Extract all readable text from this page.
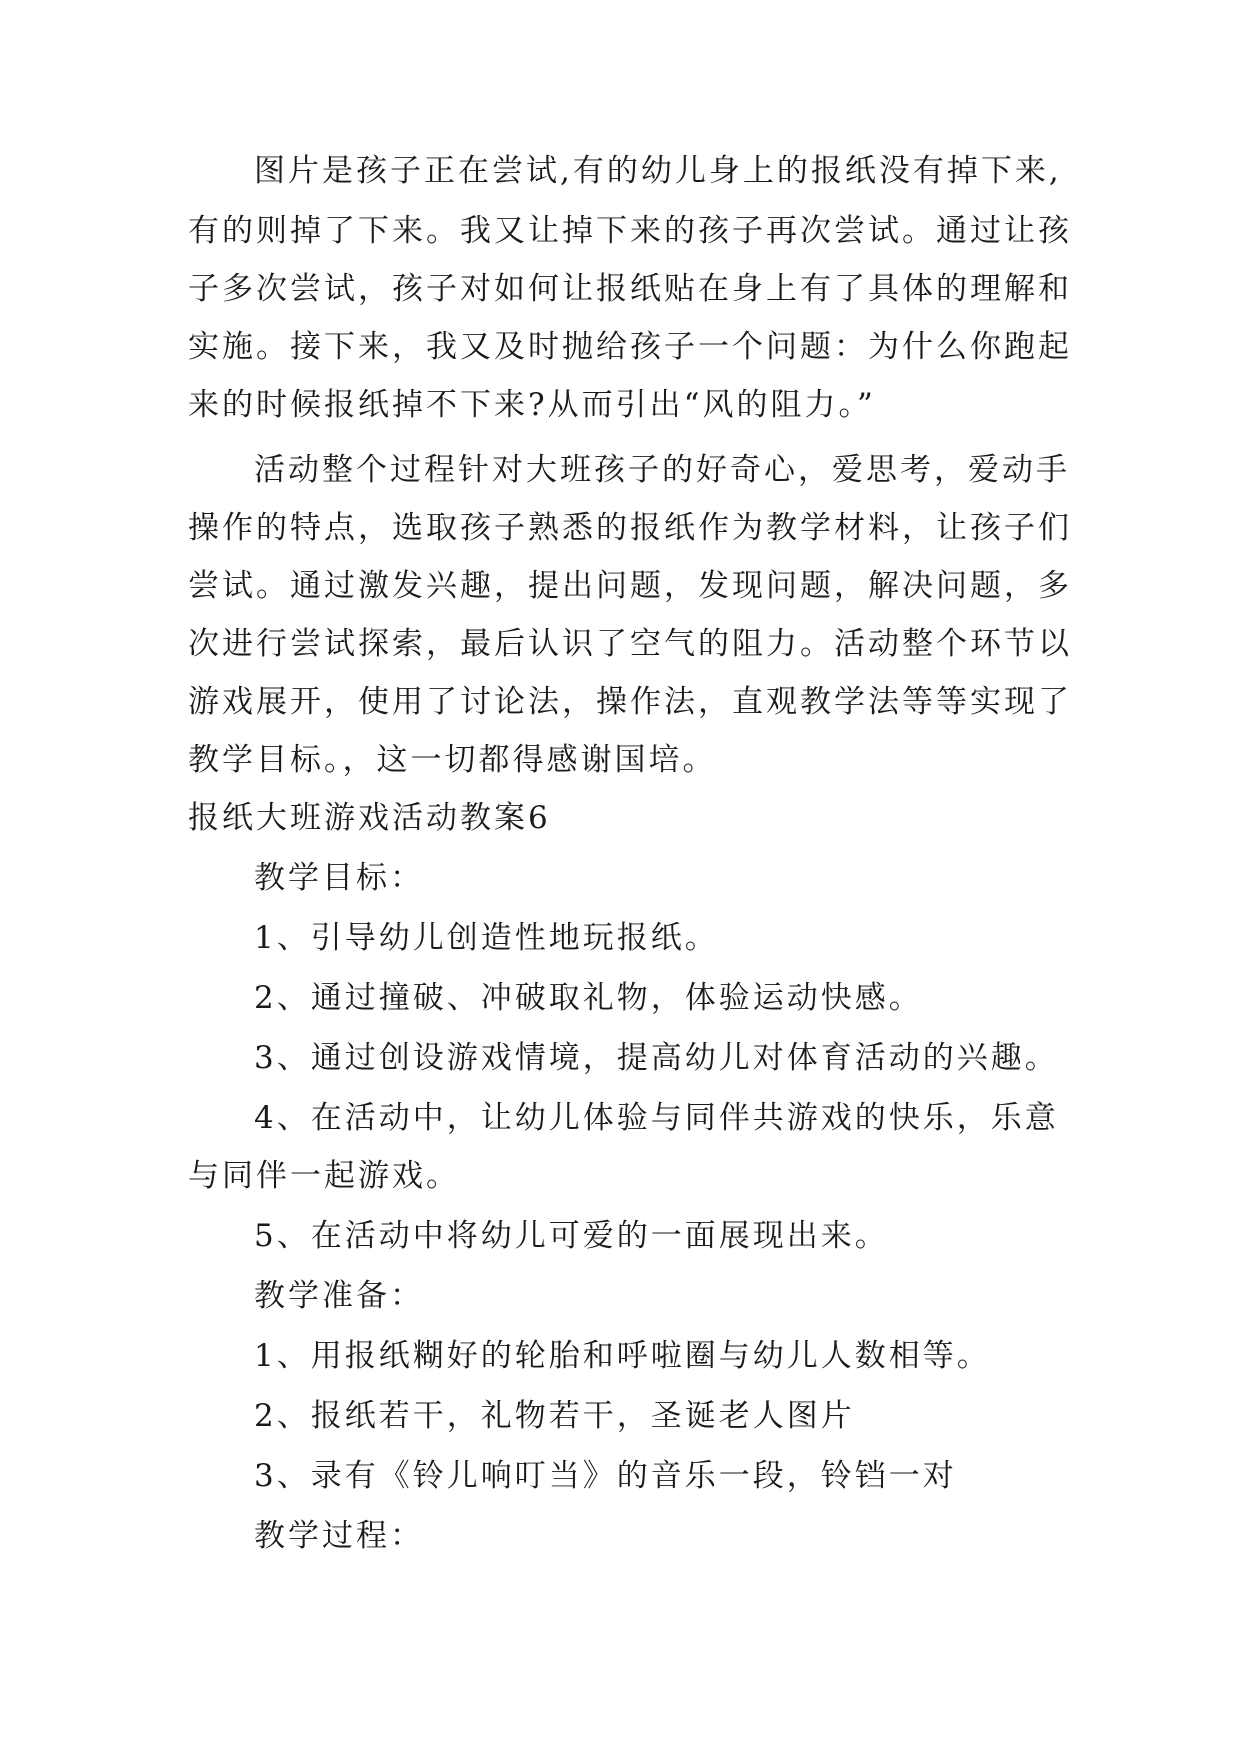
图片是孩子正在尝试,有的幼儿身上的报纸没有掉下来,
有的则掉了下来。我又让掉下来的孩子再次尝试。通过让孩
子多次尝试，孩子对如何让报纸贴在身上有了具体的理解和
实施。接下来，我又及时抛给孩子一个问题：为什么你跑起
来的时候报纸掉不下来?从而引出“风的阻力。”
活动整个过程针对大班孩子的好奇心，爱思考，爱动手
操作的特点，选取孩子熟悉的报纸作为教学材料，让孩子们
尝试。通过激发兴趣，提出问题，发现问题，解决问题，多
次进行尝试探索，最后认识了空气的阻力。活动整个环节以
游戏展开，使用了讨论法，操作法，直观教学法等等实现了
教学目标。，这一切都得感谢国培。
报纸大班游戏活动教案6
教学目标：
1、引导幼儿创造性地玩报纸。
2、通过撞破、冲破取礼物，体验运动快感。
3、通过创设游戏情境，提高幼儿对体育活动的兴趣。
4、在活动中，让幼儿体验与同伴共游戏的快乐，乐意
与同伴一起游戏。
5、在活动中将幼儿可爱的一面展现出来。
教学准备：
1、用报纸糊好的轮胎和呼啦圈与幼儿人数相等。
2、报纸若干，礼物若干，圣诞老人图片
3、录有《铃儿响叮当》的音乐一段，铃铛一对
教学过程：
